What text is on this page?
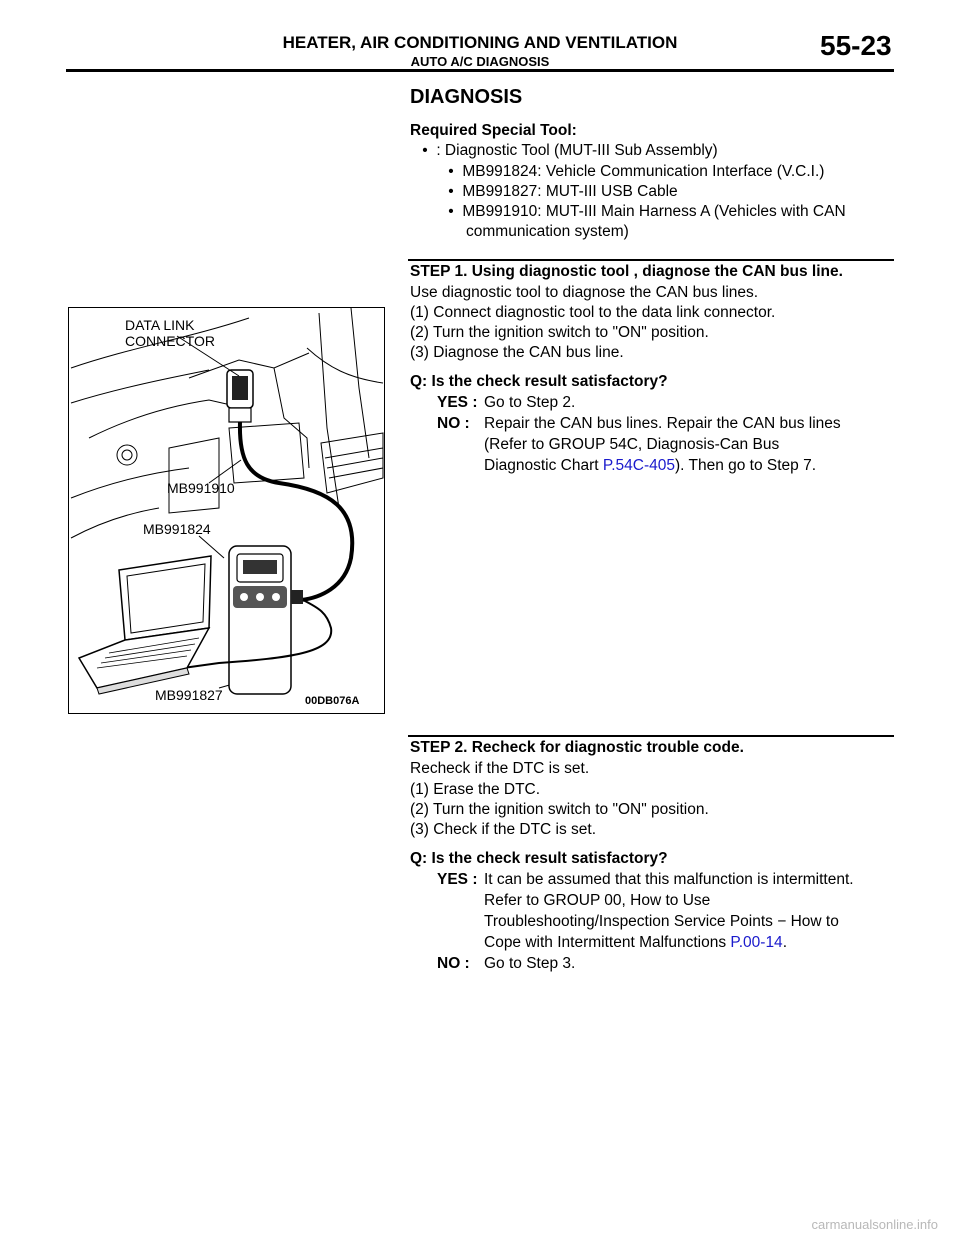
HEATER, AIR CONDITIONING AND VENTILATION
AUTO A/C DIAGNOSIS
55-23
DIAGNOSIS
Required Special Tool:
• : Diagnostic Tool (MUT-III Sub Assembly)
• MB991824: Vehicle Communication Interface (V.C.I.)
• MB991827: MUT-III USB Cable
• MB991910: MUT-III Main Harness A (Vehicles with CAN
communication system)
STEP 1. Using diagnostic tool , diagnose the CAN bus line.
Use diagnostic tool to diagnose the CAN bus lines.
(1) Connect diagnostic tool to the data link connector.
(2) Turn the ignition switch to "ON" position.
(3) Diagnose the CAN bus line.
Q: Is the check result satisfactory?
YES : Go to Step 2.
NO : Repair the CAN bus lines. Repair the CAN bus lines
(Refer to GROUP 54C, Diagnosis-Can Bus
Diagnostic Chart P.54C-405). Then go to Step 7.
DATA LINK
CONNECTOR
MB991910
MB991824
MB991827	00DB076A
STEP 2. Recheck for diagnostic trouble code.
Recheck if the DTC is set.
(1) Erase the DTC.
(2) Turn the ignition switch to "ON" position.
(3) Check if the DTC is set.
Q: Is the check result satisfactory?
YES : It can be assumed that this malfunction is intermittent.
Refer to GROUP 00, How to Use
Troubleshooting/Inspection Service Points − How to
Cope with Intermittent Malfunctions P.00-14.
NO : Go to Step 3.
carmanualsonline.info
